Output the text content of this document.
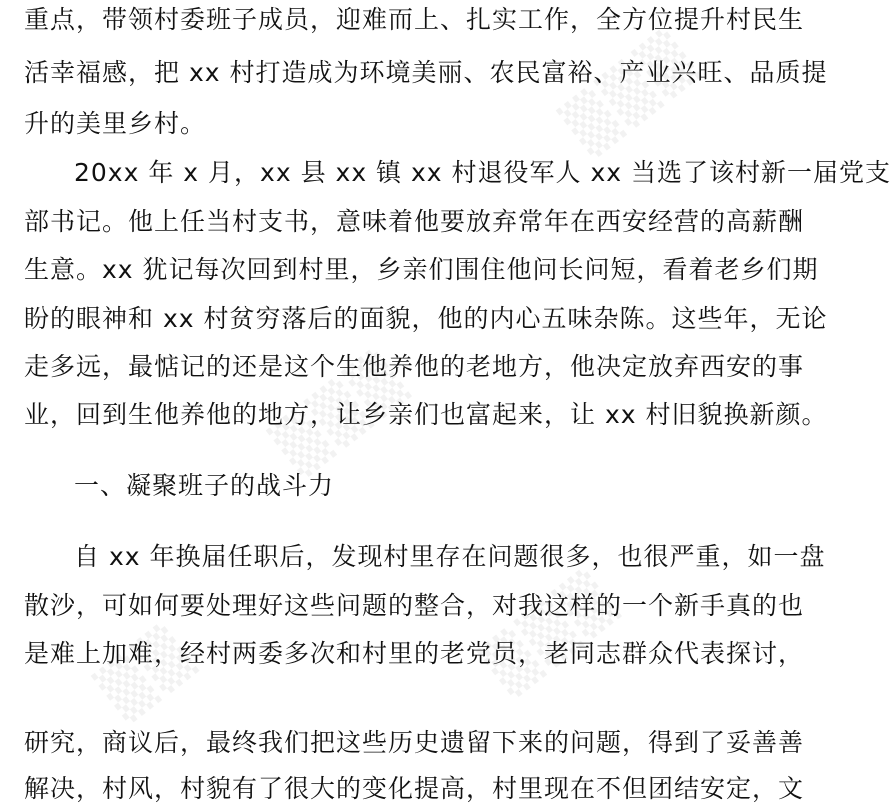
▒▒▒
▒▒▒
▒▒▒
▒▒
重点，带领村委班子成员，迎难而上、扎实工作，全方位提升村民生
活幸福感，把 xx 村打造成为环境美丽、农民富裕、产业兴旺、品质提
升的美里乡村。
20xx 年 x 月，xx 县 xx 镇 xx 村退役军人 xx 当选了该村新一届党支
部书记。他上任当村支书，意味着他要放弃常年在西安经营的高薪酬
生意。xx 犹记每次回到村里，乡亲们围住他问长问短，看着老乡们期
盼的眼神和 xx 村贫穷落后的面貌，他的内心五味杂陈。这些年，无论
走多远，最惦记的还是这个生他养他的老地方，他决定放弃西安的事
业，回到生他养他的地方，让乡亲们也富起来，让 xx 村旧貌换新颜。
一、凝聚班子的战斗力
自 xx 年换届任职后，发现村里存在问题很多，也很严重，如一盘
散沙，可如何要处理好这些问题的整合，对我这样的一个新手真的也
是难上加难，经村两委多次和村里的老党员，老同志群众代表探讨，
研究，商议后，最终我们把这些历史遗留下来的问题，得到了妥善善
解决，村风，村貌有了很大的变化提高，村里现在不但团结安定，文
